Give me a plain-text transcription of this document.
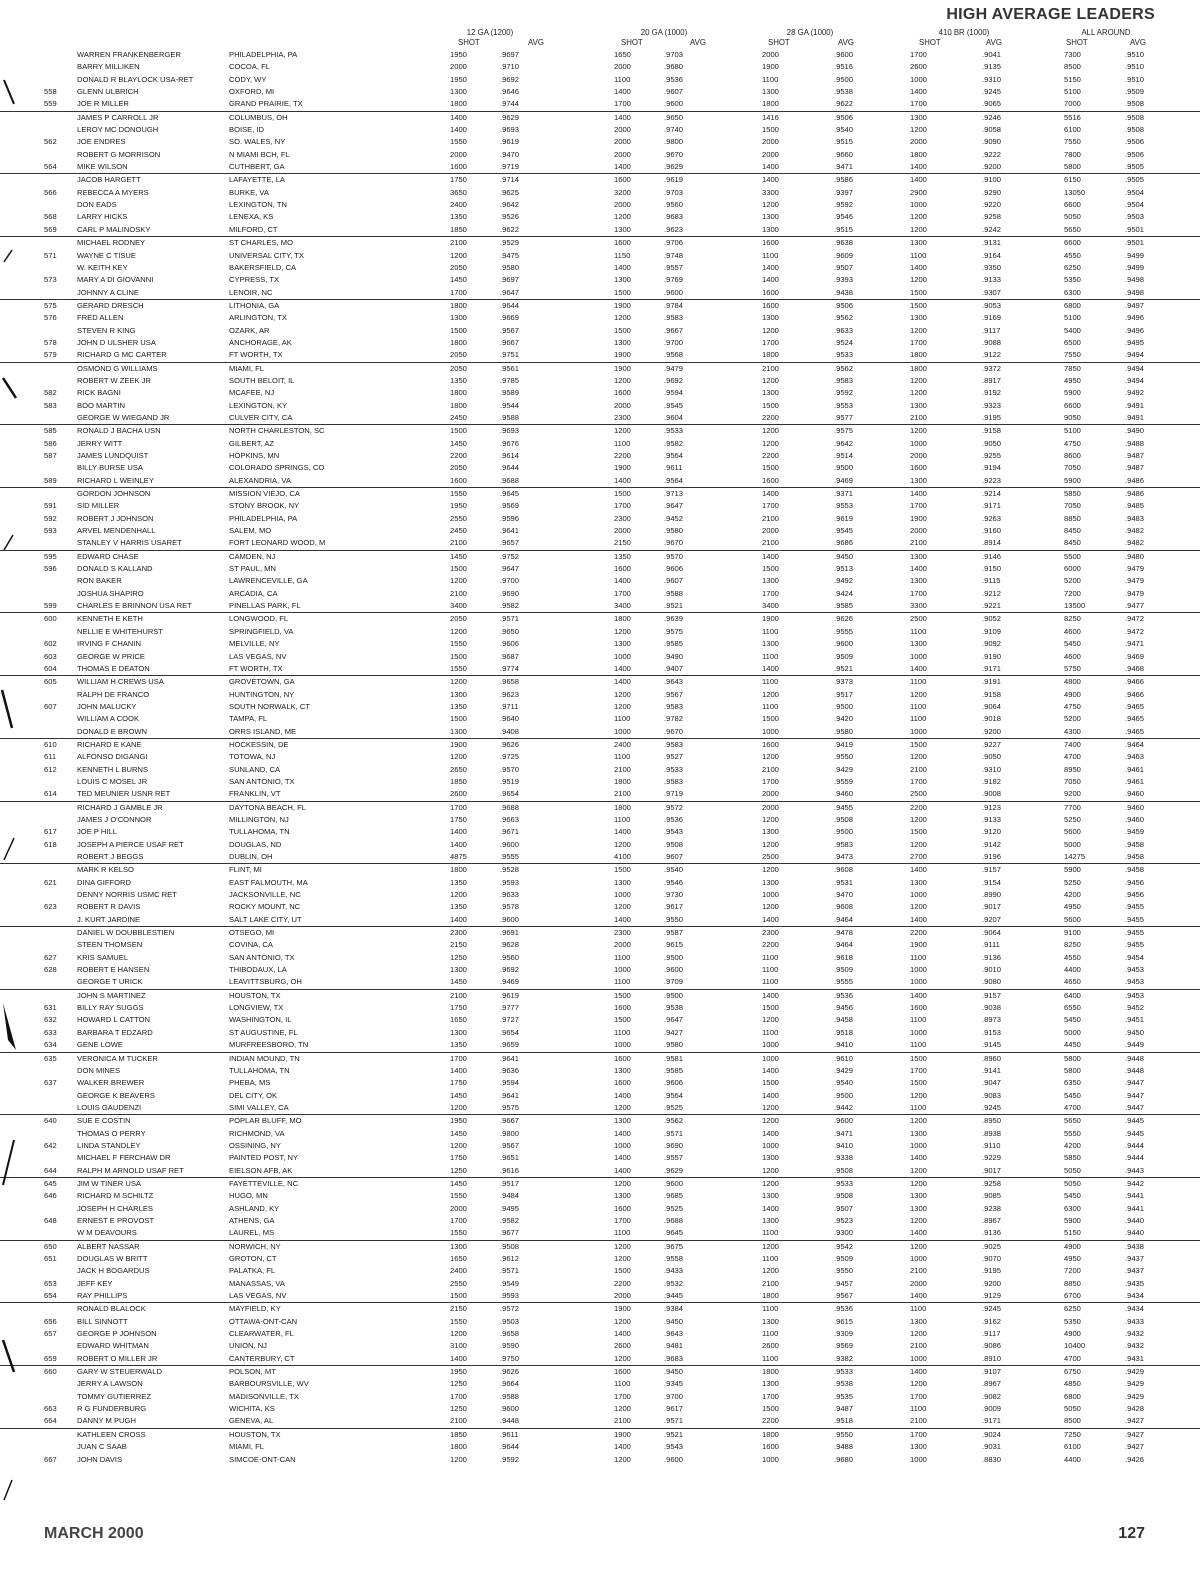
HIGH AVERAGE LEADERS
12 GA (1200)	20 GA (1000)	28 GA (1000)	410 BR (1000)	ALL AROUND
SHOT	AVG	SHOT	AVG	SHOT	AVG	SHOT	AVG	SHOT	AVG
WARREN FRANKENBERGER	PHILADELPHIA, PA	1950	.9697	1650	.9703	2000	.9600	1700	.9041	7300	.9510
BARRY MILLIKEN	COCOA, FL	2000	.9710	2000	.9680	1900	.9516	2600	.9135	8500	.9510
DONALD R BLAYLOCK USA-RET	CODY, WY	1950	.9692	1100	.9536	1100	.9500	1000	.9310	5150	.9510
558	GLENN ULBRICH	OXFORD, MI	1300	.9646	1400	.9607	1300	.9538	1400	.9245	5100	.9509
559	JOE R MILLER	GRAND PRAIRIE, TX	1800	.9744	1700	.9600	1800	.9622	1700	.9065	7000	.9508
JAMES P CARROLL JR	COLUMBUS, OH	1400	.9629	1400	.9650	1416	.9506	1300	.9246	5516	.9508
LEROY MC DONOUGH	BOISE, ID	1400	.9693	2000	.9740	1500	.9540	1200	.9058	6100	.9508
562	JOE ENDRES	SO. WALES, NY	1550	.9619	2000	.9800	2000	.9515	2000	.9090	7550	.9506
ROBERT G MORRISON	N MIAMI BCH, FL	2000	.9470	2000	.9670	2000	.9660	1800	.9222	7800	.9506
564	MIKE WILSON	CUTHBERT, GA	1600	.9719	1400	.9629	1400	.9471	1400	.9200	5800	.9505
JACOB HARGETT	LAFAYETTE, LA	1750	.9714	1600	.9619	1400	.9586	1400	.9100	6150	.9505
566	REBECCA A MYERS	BURKE, VA	3650	.9625	3200	.9703	3300	.9397	2900	.9290	13050	.9504
DON EADS	LEXINGTON, TN	2400	.9642	2000	.9560	1200	.9592	1000	.9220	6600	.9504
568	LARRY HICKS	LENEXA, KS	1350	.9526	1200	.9683	1300	.9546	1200	.9258	5050	.9503
569	CARL P MALINOSKY	MILFORD, CT	1850	.9622	1300	.9623	1300	.9515	1200	.9242	5650	.9501
MICHAEL RODNEY	ST CHARLES, MO	2100	.9529	1600	.9706	1600	.9638	1300	.9131	6600	.9501
571	WAYNE C TISUE	UNIVERSAL CITY, TX	1200	.9475	1150	.9748	1100	.9609	1100	.9164	4550	.9499
W. KEITH KEY	BAKERSFIELD, CA	2050	.9580	1400	.9557	1400	.9507	1400	.9350	6250	.9499
573	MARY A DI GIOVANNI	CYPRESS, TX	1450	.9697	1300	.9769	1400	.9393	1200	.9133	5350	.9498
JOHNNY A CLINE	LENOIR, NC	1700	.9647	1500	.9600	1600	.9438	1500	.9307	6300	.9498
575	GERARD DRESCH	LITHONIA, GA	1800	.9644	1900	.9784	1600	.9506	1500	.9053	6800	.9497
576	FRED ALLEN	ARLINGTON, TX	1300	.9669	1200	.9583	1300	.9562	1300	.9169	5100	.9496
STEVEN R KING	OZARK, AR	1500	.9567	1500	.9667	1200	.9633	1200	.9117	5400	.9496
578	JOHN D ULSHER USA	ANCHORAGE, AK	1800	.9667	1300	.9700	1700	.9524	1700	.9088	6500	.9495
579	RICHARD G MC CARTER	FT WORTH, TX	2050	.9751	1900	.9568	1800	.9533	1800	.9122	7550	.9494
OSMOND G WILLIAMS	MIAMI, FL	2050	.9561	1900	.9479	2100	.9562	1800	.9372	7850	.9494
ROBERT W ZEEK JR	SOUTH BELOIT, IL	1350	.9785	1200	.9692	1200	.9583	1200	.8917	4950	.9494
582	RICK BAGNI	MCAFEE, NJ	1800	.9589	1600	.9594	1300	.9592	1200	.9192	5900	.9492
583	BOO MARTIN	LEXINGTON, KY	1800	.9544	2000	.9545	1500	.9553	1300	.9323	6600	.9491
GEORGE W WIEGAND JR	CULVER CITY, CA	2450	.9588	2300	.9604	2200	.9577	2100	.9195	9050	.9491
585	RONALD J BACHA USN	NORTH CHARLESTON, SC	1500	.9693	1200	.9533	1200	.9575	1200	.9158	5100	.9490
586	JERRY WITT	GILBERT, AZ	1450	.9676	1100	.9582	1200	.9642	1000	.9050	4750	.9488
587	JAMES LUNDQUIST	HOPKINS, MN	2200	.9614	2200	.9564	2200	.9514	2000	.9255	8600	.9487
BILLY BURSE USA	COLORADO SPRINGS, CO	2050	.9644	1900	.9611	1500	.9500	1600	.9194	7050	.9487
589	RICHARD L WEINLEY	ALEXANDRIA, VA	1600	.9688	1400	.9564	1600	.9469	1300	.9223	5900	.9486
GORDON JOHNSON	MISSION VIEJO, CA	1550	.9645	1500	.9713	1400	.9371	1400	.9214	5850	.9486
591	SID MILLER	STONY BROOK, NY	1950	.9569	1700	.9647	1700	.9553	1700	.9171	7050	.9485
592	ROBERT J JOHNSON	PHILADELPHIA, PA	2550	.9596	2300	.9452	2100	.9619	1900	.9263	8850	.9483
593	ARVEL MENDENHALL	SALEM, MO	2450	.9641	2000	.9580	2000	.9545	2000	.9160	8450	.9482
STANLEY V HARRIS USARET	FORT LEONARD WOOD, M	2100	.9657	2150	.9670	2100	.9686	2100	.8914	8450	.9482
595	EDWARD CHASE	CAMDEN, NJ	1450	.9752	1350	.9570	1400	.9450	1300	.9146	5500	.9480
596	DONALD S KALLAND	ST PAUL, MN	1500	.9647	1600	.9606	1500	.9513	1400	.9150	6000	.9479
RON BAKER	LAWRENCEVILLE, GA	1200	.9700	1400	.9607	1300	.9492	1300	.9115	5200	.9479
JOSHUA SHAPIRO	ARCADIA, CA	2100	.9690	1700	.9588	1700	.9424	1700	.9212	7200	.9479
599	CHARLES E BRINNON USA RET	PINELLAS PARK, FL	3400	.9582	3400	.9521	3400	.9585	3300	.9221	13500	.9477
600	KENNETH E KETH	LONGWOOD, FL	2050	.9571	1800	.9639	1900	.9626	2500	.9052	8250	.9472
NELLIE E WHITEHURST	SPRINGFIELD, VA	1200	.9650	1200	.9575	1100	.9555	1100	.9109	4600	.9472
602	IRVING F CHANIN	MELVILLE, NY	1550	.9606	1300	.9585	1300	.9600	1300	.9092	5450	.9471
603	GEORGE W PRICE	LAS VEGAS, NV	1500	.9687	1000	.9490	1100	.9509	1000	.9190	4600	.9469
604	THOMAS E DEATON	FT WORTH, TX	1550	.9774	1400	.9407	1400	.9521	1400	.9171	5750	.9468
605	WILLIAM H CREWS USA	GROVETOWN, GA	1200	.9658	1400	.9643	1100	.9373	1100	.9191	4800	.9466
RALPH DE FRANCO	HUNTINGTON, NY	1300	.9623	1200	.9567	1200	.9517	1200	.9158	4900	.9466
607	JOHN MALUCKY	SOUTH NORWALK, CT	1350	.9711	1200	.9583	1100	.9500	1100	.9064	4750	.9465
WILLIAM A COOK	TAMPA, FL	1500	.9640	1100	.9782	1500	.9420	1100	.9018	5200	.9465
DONALD E BROWN	ORRS ISLAND, ME	1300	.9408	1000	.9670	1000	.9580	1000	.9200	4300	.9465
610	RICHARD E KANE	HOCKESSIN, DE	1900	.9626	2400	.9583	1600	.9419	1500	.9227	7400	.9464
611	ALFONSO DIGANGI	TOTOWA, NJ	1200	.9725	1100	.9527	1200	.9550	1200	.9050	4700	.9463
612	KENNETH L BURNS	SUNLAND, CA	2650	.9570	2100	.9533	2100	.9429	2100	.9310	8950	.9461
LOUIS C MOSEL JR	SAN ANTONIO, TX	1850	.9519	1800	.9583	1700	.9559	1700	.9182	7050	.9461
614	TED MEUNIER USNR RET	FRANKLIN, VT	2600	.9654	2100	.9719	2000	.9460	2500	.9008	9200	.9460
RICHARD J GAMBLE JR	DAYTONA BEACH, FL	1700	.9688	1800	.9572	2000	.9455	2200	.9123	7700	.9460
JAMES J O'CONNOR	MILLINGTON, NJ	1750	.9663	1100	.9536	1200	.9508	1200	.9133	5250	.9460
617	JOE P HILL	TULLAHOMA, TN	1400	.9671	1400	.9543	1300	.9500	1500	.9120	5600	.9459
618	JOSEPH A PIERCE USAF RET	DOUGLAS, ND	1400	.9600	1200	.9508	1200	.9583	1200	.9142	5000	.9458
ROBERT J BEGGS	DUBLIN, OH	4875	.9555	4100	.9607	2500	.9473	2700	.9196	14275	.9458
MARK R KELSO	FLINT, MI	1800	.9528	1500	.9540	1200	.9608	1400	.9157	5900	.9458
621	DINA GIFFORD	EAST FALMOUTH, MA	1350	.9593	1300	.9546	1300	.9531	1300	.9154	5250	.9456
DENNY NORRIS USMC RET	JACKSONVILLE, NC	1200	.9633	1000	.9730	1000	.9470	1000	.8990	4200	.9456
623	ROBERT R DAVIS	ROCKY MOUNT, NC	1350	.9578	1200	.9617	1200	.9608	1200	.9017	4950	.9455
J. KURT JARDINE	SALT LAKE CITY, UT	1400	.9600	1400	.9550	1400	.9464	1400	.9207	5600	.9455
DANIEL W DOUBBLESTIEN	OTSEGO, MI	2300	.9691	2300	.9587	2300	.9478	2200	.9064	9100	.9455
STEEN THOMSEN	COVINA, CA	2150	.9628	2000	.9615	2200	.9464	1900	.9111	8250	.9455
627	KRIS SAMUEL	SAN ANTONIO, TX	1250	.9560	1100	.9500	1100	.9618	1100	.9136	4550	.9454
628	ROBERT E HANSEN	THIBODAUX, LA	1300	.9692	1000	.9600	1100	.9509	1000	.9010	4400	.9453
GEORGE T URICK	LEAVITTSBURG, OH	1450	.9469	1100	.9709	1100	.9555	1000	.9080	4650	.9453
JOHN S MARTINEZ	HOUSTON, TX	2100	.9619	1500	.9500	1400	.9536	1400	.9157	6400	.9453
631	BILLY RAY SUGGS	LONGVIEW, TX	1750	.9777	1600	.9538	1500	.9456	1600	.9038	6550	.9452
632	HOWARD L CATTON	WASHINGTON, IL	1650	.9727	1500	.9647	1200	.9458	1100	.8973	5450	.9451
633	BARBARA T EDZARD	ST AUGUSTINE, FL	1300	.9654	1100	.9427	1100	.9518	1000	.9153	5000	.9450
634	GENE LOWE	MURFREESBORO, TN	1350	.9659	1000	.9580	1000	.9410	1100	.9145	4450	.9449
635	VERONICA M TUCKER	INDIAN MOUND, TN	1700	.9641	1600	.9581	1000	.9610	1500	.8960	5800	.9448
DON MINES	TULLAHOMA, TN	1400	.9636	1300	.9585	1400	.9429	1700	.9141	5800	.9448
637	WALKER BREWER	PHEBA, MS	1750	.9594	1600	.9606	1500	.9540	1500	.9047	6350	.9447
GEORGE K BEAVERS	DEL CITY, OK	1450	.9641	1400	.9564	1400	.9500	1200	.9083	5450	.9447
LOUIS GAUDENZI	SIMI VALLEY, CA	1200	.9575	1200	.9525	1200	.9442	1100	.9245	4700	.9447
640	SUE E COSTIN	POPLAR BLUFF, MO	1950	.9667	1300	.9562	1200	.9600	1200	.8950	5650	.9445
THOMAS O PERRY	RICHMOND, VA	1450	.9800	1400	.9571	1400	.9471	1300	.8938	5550	.9445
642	LINDA STANDLEY	OSSINING, NY	1200	.9567	1000	.9690	1000	.9410	1000	.9110	4200	.9444
MICHAEL F FERCHAW DR	PAINTED POST, NY	1750	.9651	1400	.9557	1300	.9338	1400	.9229	5850	.9444
644	RALPH M ARNOLD USAF RET	EIELSON AFB, AK	1250	.9616	1400	.9629	1200	.9508	1200	.9017	5050	.9443
645	JIM W TINER USA	FAYETTEVILLE, NC	1450	.9517	1200	.9600	1200	.9533	1200	.9258	5050	.9442
646	RICHARD M SCHILTZ	HUGO, MN	1550	.9484	1300	.9685	1300	.9508	1300	.9085	5450	.9441
JOSEPH H CHARLES	ASHLAND, KY	2000	.9495	1600	.9525	1400	.9507	1300	.9238	6300	.9441
648	ERNEST E PROVOST	ATHENS, GA	1700	.9582	1700	.9688	1300	.9523	1200	.8967	5900	.9440
W M DEAVOURS	LAUREL, MS	1550	.9677	1100	.9645	1100	.9300	1400	.9136	5150	.9440
650	ALBERT NASSAR	NORWICH, NY	1300	.9508	1200	.9675	1200	.9542	1200	.9025	4900	.9438
651	DOUGLAS W BRITT	GROTON, CT	1650	.9612	1200	.9558	1100	.9509	1000	.9070	4950	.9437
JACK H BOGARDUS	PALATKA, FL	2400	.9571	1500	.9433	1200	.9550	2100	.9195	7200	.9437
653	JEFF KEY	MANASSAS, VA	2550	.9549	2200	.9532	2100	.9457	2000	.9200	8850	.9435
654	RAY PHILLIPS	LAS VEGAS, NV	1500	.9593	2000	.9445	1800	.9567	1400	.9129	6700	.9434
RONALD BLALOCK	MAYFIELD, KY	2150	.9572	1900	.9384	1100	.9536	1100	.9245	6250	.9434
656	BILL SINNOTT	OTTAWA-ONT-CAN	1550	.9503	1200	.9450	1300	.9615	1300	.9162	5350	.9433
657	GEORGE P JOHNSON	CLEARWATER, FL	1200	.9658	1400	.9643	1100	.9309	1200	.9117	4900	.9432
EDWARD WHITMAN	UNION, NJ	3100	.9590	2600	.9481	2600	.9569	2100	.9086	10400	.9432
659	ROBERT O MILLER JR	CANTERBURY, CT	1400	.9750	1200	.9683	1100	.9382	1000	.8910	4700	.9431
660	GARY W STEUERWALD	POLSON, MT	1950	.9626	1600	.9450	1800	.9533	1400	.9107	6750	.9429
JERRY A LAWSON	BARBOURSVILLE, WV	1250	.9664	1100	.9345	1300	.9538	1200	.8967	4850	.9429
TOMMY GUTIERREZ	MADISONVILLE, TX	1700	.9588	1700	.9700	1700	.9535	1700	.9082	6800	.9429
663	R G FUNDERBURG	WICHITA, KS	1250	.9600	1200	.9617	1500	.9487	1100	.9009	5050	.9428
664	DANNY M PUGH	GENEVA, AL	2100	.9448	2100	.9571	2200	.9518	2100	.9171	8500	.9427
KATHLEEN CROSS	HOUSTON, TX	1850	.9611	1900	.9521	1800	.9550	1700	.9024	7250	.9427
JUAN C SAAB	MIAMI, FL	1800	.9644	1400	.9543	1600	.9488	1300	.9031	6100	.9427
667	JOHN DAVIS	SIMCOE-ONT-CAN	1200	.9592	1200	.9600	1000	.9680	1000	.8830	4400	.9426
MARCH 2000	127
